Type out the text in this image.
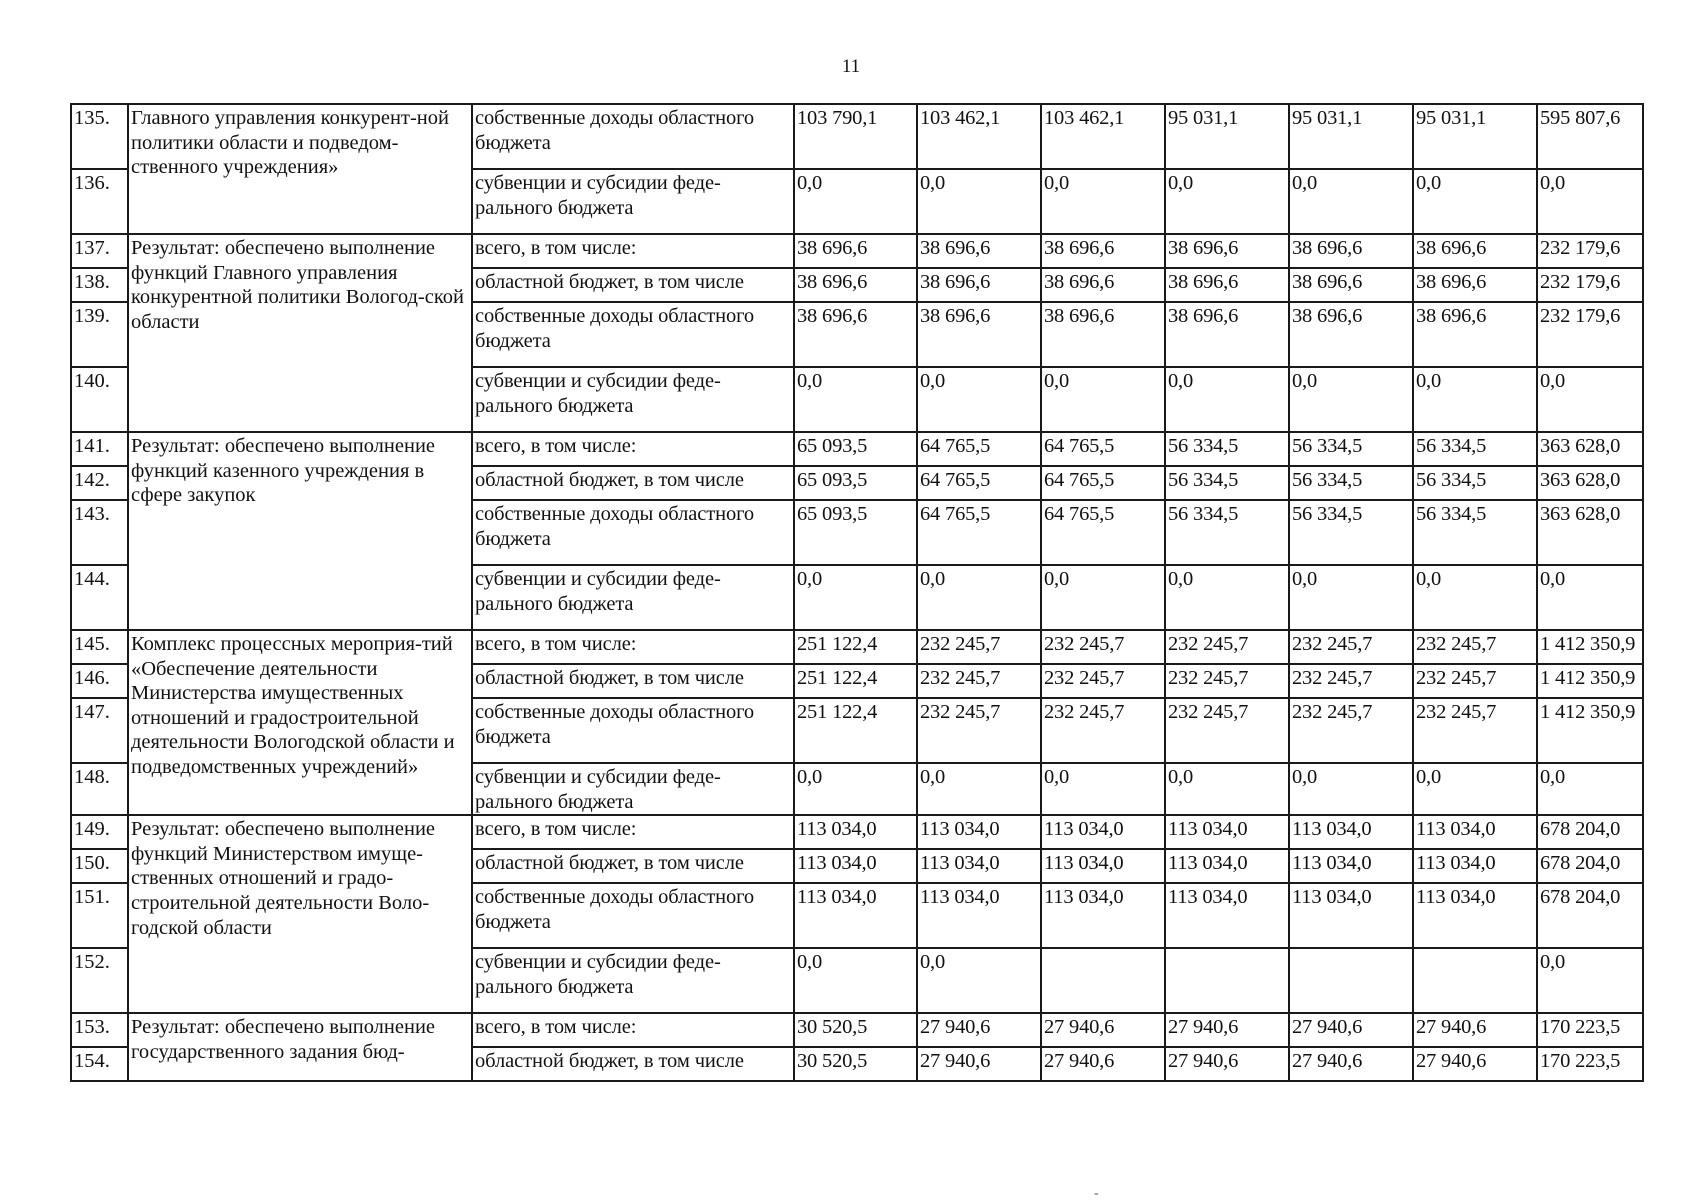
11
135.	Главного управления конкурент-ной политики области и подведом-ственного учреждения»	собственные доходы областного бюджета	103 790,1	103 462,1	103 462,1	95 031,1	95 031,1	95 031,1	595 807,6
136.		субвенции и субсидии феде-рального бюджета	0,0	0,0	0,0	0,0	0,0	0,0	0,0
137.	Результат: обеспечено выполнение функций Главного управления конкурентной политики Вологод-ской области	всего, в том числе:	38 696,6	38 696,6	38 696,6	38 696,6	38 696,6	38 696,6	232 179,6
138.		областной бюджет, в том числе	38 696,6	38 696,6	38 696,6	38 696,6	38 696,6	38 696,6	232 179,6
139.		собственные доходы областного бюджета	38 696,6	38 696,6	38 696,6	38 696,6	38 696,6	38 696,6	232 179,6
140.		субвенции и субсидии феде-рального бюджета	0,0	0,0	0,0	0,0	0,0	0,0	0,0
141.	Результат: обеспечено выполнение функций казенного учреждения в сфере закупок	всего, в том числе:	65 093,5	64 765,5	64 765,5	56 334,5	56 334,5	56 334,5	363 628,0
142.		областной бюджет, в том числе	65 093,5	64 765,5	64 765,5	56 334,5	56 334,5	56 334,5	363 628,0
143.		собственные доходы областного бюджета	65 093,5	64 765,5	64 765,5	56 334,5	56 334,5	56 334,5	363 628,0
144.		субвенции и субсидии феде-рального бюджета	0,0	0,0	0,0	0,0	0,0	0,0	0,0
145.	Комплекс процессных мероприя-тий «Обеспечение деятельности Министерства имущественных отношений и градостроительной деятельности Вологодской области и подведомственных учреждений»	всего, в том числе:	251 122,4	232 245,7	232 245,7	232 245,7	232 245,7	232 245,7	1 412 350,9
146.		областной бюджет, в том числе	251 122,4	232 245,7	232 245,7	232 245,7	232 245,7	232 245,7	1 412 350,9
147.		собственные доходы областного бюджета	251 122,4	232 245,7	232 245,7	232 245,7	232 245,7	232 245,7	1 412 350,9
148.		субвенции и субсидии феде-рального бюджета	0,0	0,0	0,0	0,0	0,0	0,0	0,0
149.	Результат: обеспечено выполнение функций Министерством имуще-ственных отношений и градо-строительной деятельности Воло-годской области	всего, в том числе:	113 034,0	113 034,0	113 034,0	113 034,0	113 034,0	113 034,0	678 204,0
150.		областной бюджет, в том числе	113 034,0	113 034,0	113 034,0	113 034,0	113 034,0	113 034,0	678 204,0
151.		собственные доходы областного бюджета	113 034,0	113 034,0	113 034,0	113 034,0	113 034,0	113 034,0	678 204,0
152.		субвенции и субсидии феде-рального бюджета	0,0	0,0					0,0
153.	Результат: обеспечено выполнение государственного задания бюд-	всего, в том числе:	30 520,5	27 940,6	27 940,6	27 940,6	27 940,6	27 940,6	170 223,5
154.		областной бюджет, в том числе	30 520,5	27 940,6	27 940,6	27 940,6	27 940,6	27 940,6	170 223,5
-
